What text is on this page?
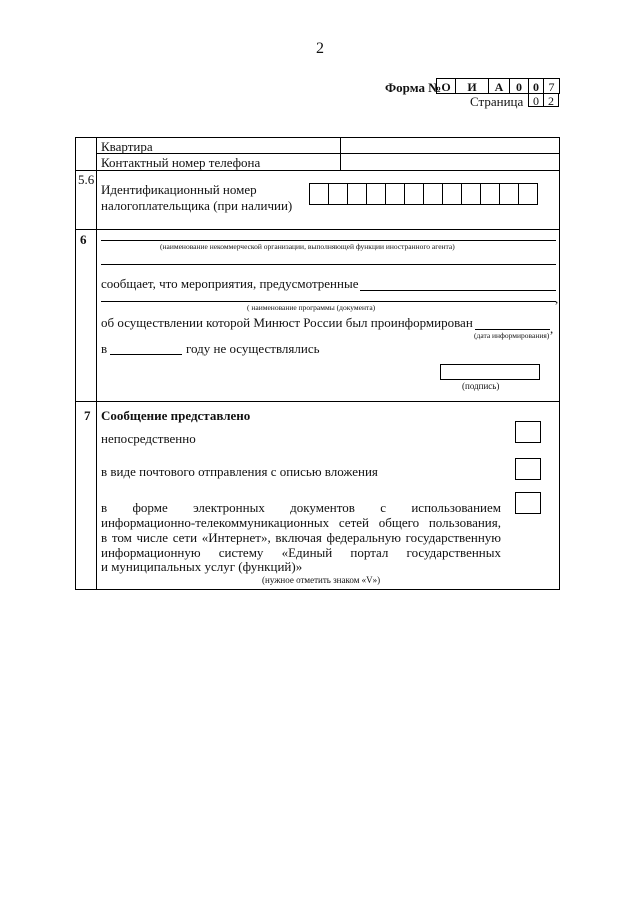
2
Форма № О	И	А	0 0 7
Страница 0 2
Квартира
Контактный номер телефона
5.6
Идентификационный номер
налогоплательщика (при наличии)
6	(наименование некоммерческой организации, выполняющей функции иностранного агента)
сообщает, что мероприятия, предусмотренные
,
( наименование программы (документа)
об осуществлении которой Минюст России был проинформирован	,
(дата информирования)
в	году не осуществлялись
(подпись)
7 Сообщение представлено
непосредственно
в виде почтового отправления с описью вложения
в форме электронных документов с использованием
информационно-телекоммуникационных сетей общего пользования,
в том числе сети «Интернет», включая федеральную государственную
информационную систему «Единый портал государственных
и муниципальных услуг (функций)»
(нужное отметить знаком «V»)
